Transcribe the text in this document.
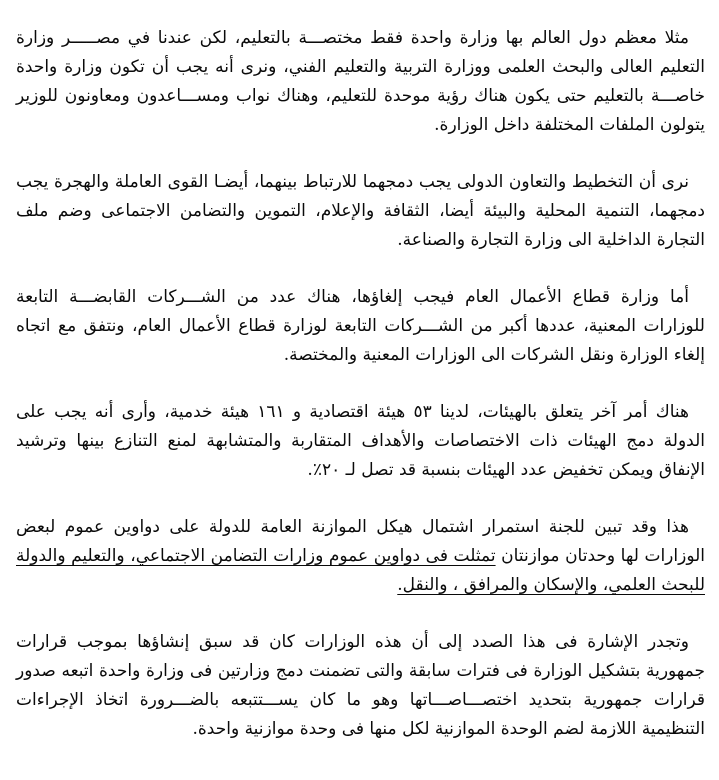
مثلا معظم دول العالم بها وزارة واحدة فقط مختصـــة بالتعليم، لكن عندنا في مصـــــر وزارة التعليم العالى والبحث العلمى ووزارة التربية والتعليم الفني، ونرى أنه يجب أن تكون وزارة واحدة خاصـــة بالتعليم حتى يكون هناك رؤية موحدة للتعليم، وهناك نواب ومســـاعدون ومعاونون للوزير يتولون الملفات المختلفة داخل الوزارة.

نرى أن التخطيط والتعاون الدولى يجب دمجهما للارتباط بينهما، أيضـا القوى العاملة والهجرة يجب دمجهما، التنمية المحلية والبيئة أيضا، الثقافة والإعلام، التموين والتضامن الاجتماعى وضم ملف التجارة الداخلية الى وزارة التجارة والصناعة.

أما وزارة قطاع الأعمال العام فيجب إلغاؤها، هناك عدد من الشـــركات القابضـــة التابعة للوزارات المعنية، عددها أكبر من الشـــركات التابعة لوزارة قطاع الأعمال العام، ونتفق مع اتجاه إلغاء الوزارة ونقل الشركات الى الوزارات المعنية والمختصة.

هناك أمر آخر يتعلق بالهيئات، لدينا ٥٣ هيئة اقتصادية و ١٦١ هيئة خدمية، وأرى أنه يجب على الدولة دمج الهيئات ذات الاختصاصات والأهداف المتقاربة والمتشابهة لمنع التنازع بينها وترشيد الإنفاق ويمكن تخفيض عدد الهيئات بنسبة قد تصل لـ ٢٠٪.

هذا وقد تبين للجنة استمرار اشتمال هيكل الموازنة العامة للدولة على دواوين عموم لبعض الوزارات لها وحدتان موازنتان تمثلت فى دواوين عموم وزارات التضامن الاجتماعي، والتعليم والدولة للبحث العلمي، والإسكان والمرافق ، والنقل.

وتجدر الإشارة فى هذا الصدد إلى أن هذه الوزارات كان قد سبق إنشاؤها بموجب قرارات جمهورية بتشكيل الوزارة فى فترات سابقة والتى تضمنت دمج وزارتين فى وزارة واحدة اتبعه صدور قرارات جمهورية بتحديد اختصـــاصـــاتها وهو ما كان يســـتتبعه بالضـــرورة اتخاذ الإجراءات التنظيمية اللازمة لضم الوحدة الموازنية لكل منها فى وحدة موازنية واحدة.
